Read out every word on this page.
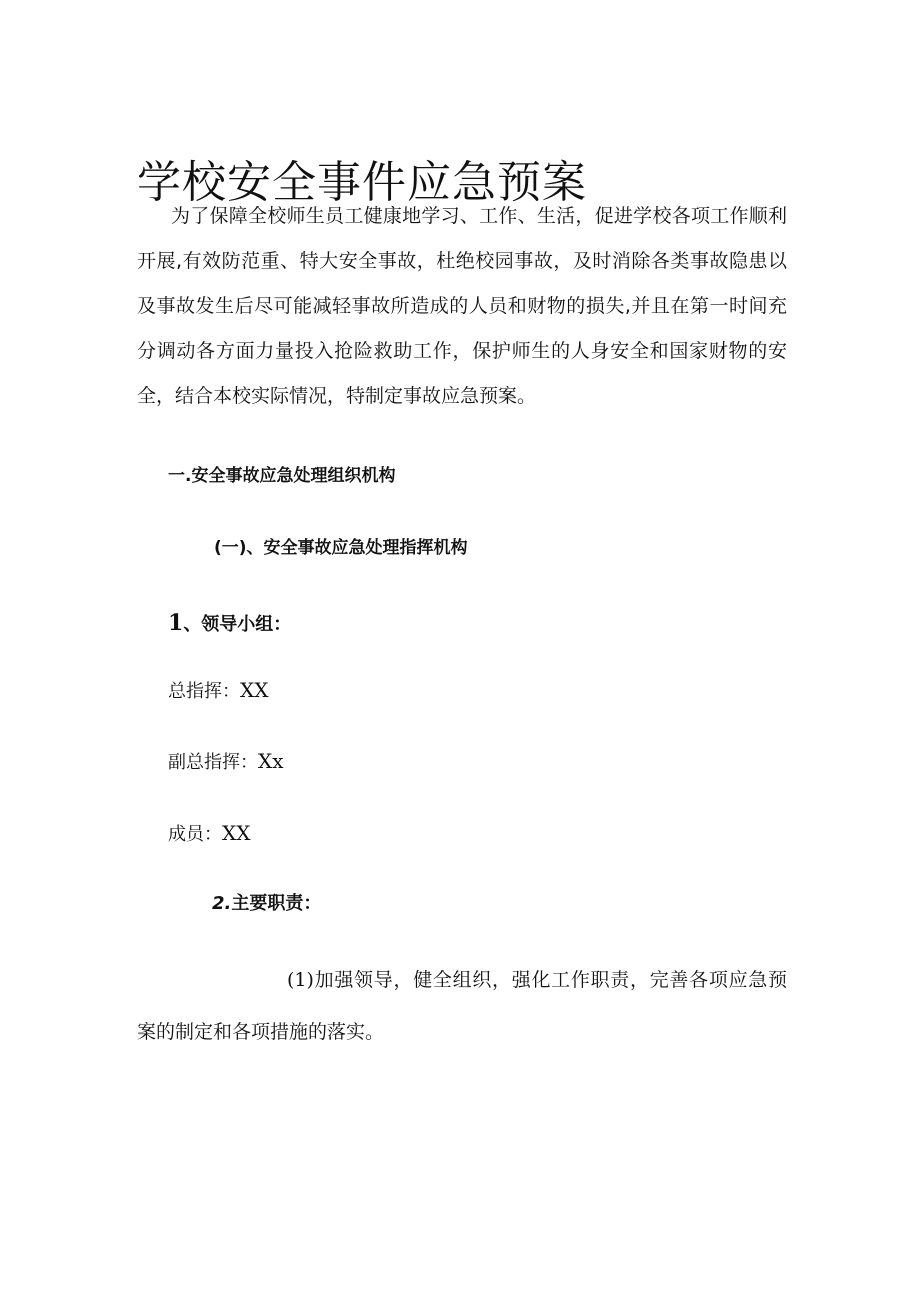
学校安全事件应急预案

为了保障全校师生员工健康地学习、工作、生活，促进学校各项工作顺利开展,有效防范重、特大安全事故，杜绝校园事故，及时消除各类事故隐患以及事故发生后尽可能减轻事故所造成的人员和财物的损失,并且在第一时间充分调动各方面力量投入抢险救助工作，保护师生的人身安全和国家财物的安全，结合本校实际情况，特制定事故应急预案。

一.安全事故应急处理组织机构

(一)、安全事故应急处理指挥机构

1、领导小组：

总指挥：XX

副总指挥：Xx

成员：XX

2.主要职责：

(1)加强领导，健全组织，强化工作职责，完善各项应急预案的制定和各项措施的落实。
